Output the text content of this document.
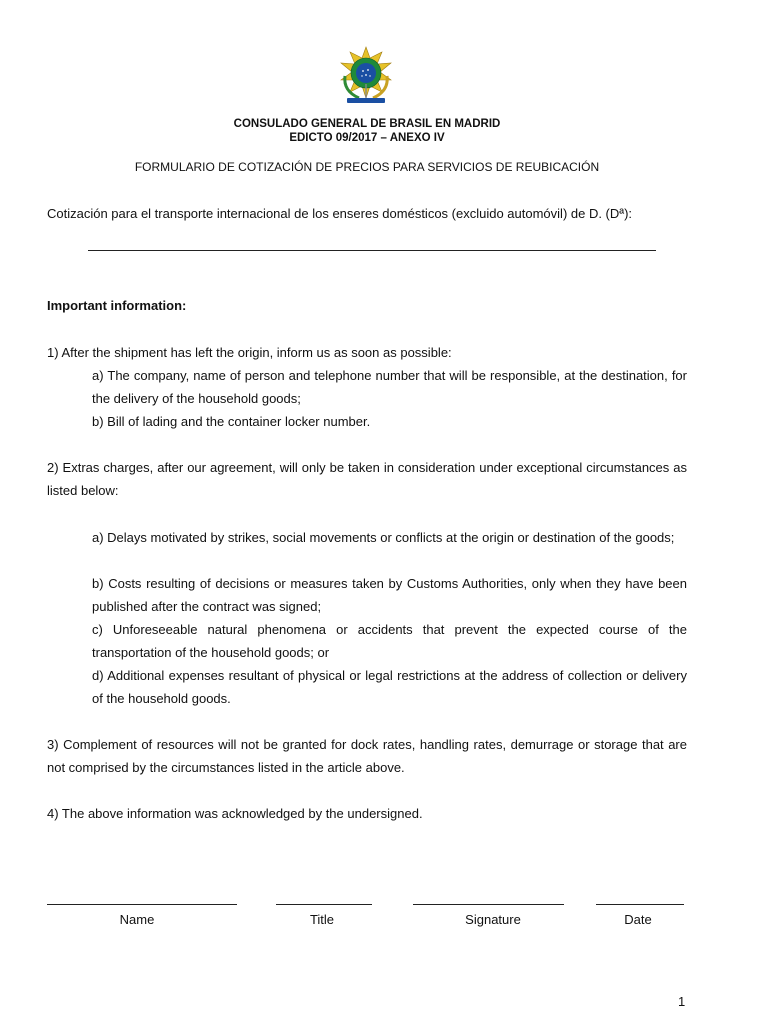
CONSULADO GENERAL DE BRASIL EN MADRID
EDICTO 09/2017 – ANEXO IV
FORMULARIO DE COTIZACIÓN DE PRECIOS PARA SERVICIOS DE REUBICACIÓN
Cotización para el transporte internacional de los enseres domésticos (excluido automóvil) de D. (Dª):
Important information:
1) After the shipment has left the origin, inform us as soon as possible:
a) The company, name of person and telephone number that will be responsible, at the destination, for the delivery of the household goods;
b) Bill of lading and the container locker number.
2) Extras charges, after our agreement, will only be taken in consideration under exceptional circumstances as listed below:
a) Delays motivated by strikes, social movements or conflicts at the origin or destination of the goods;
b) Costs resulting of decisions or measures taken by Customs Authorities, only when they have been published after the contract was signed;
c) Unforeseeable natural phenomena or accidents that prevent the expected course of the transportation of the household goods; or
d) Additional expenses resultant of physical or legal restrictions at the address of collection or delivery of the household goods.
3) Complement of resources will not be granted for dock rates, handling rates, demurrage or storage that are not comprised by the circumstances listed in the article above.
4) The above information was acknowledged by the undersigned.
Name	Title	Signature	Date
1
